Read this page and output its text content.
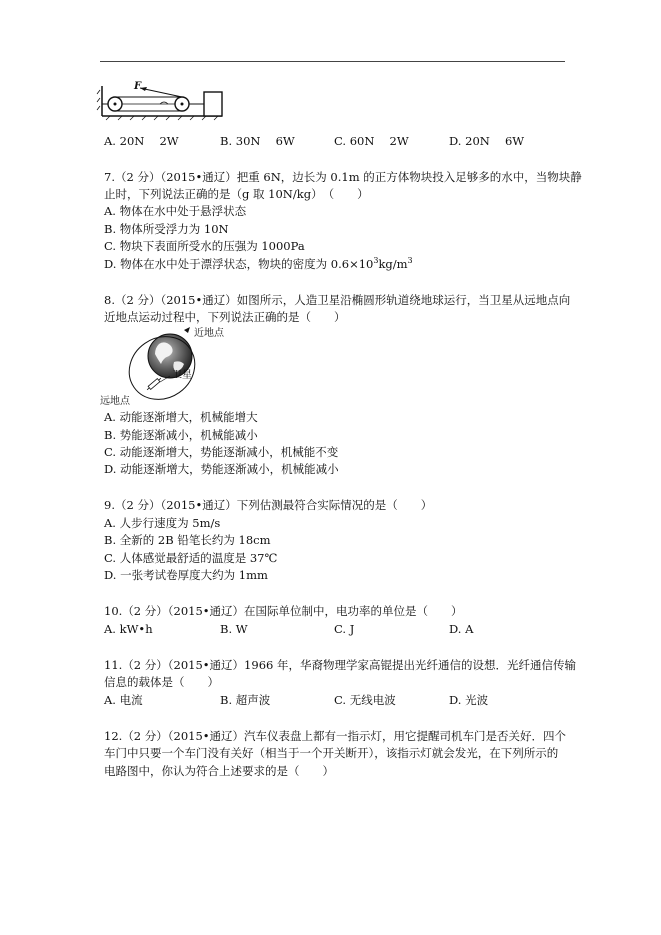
F
A. 20N　 2W	B. 30N　 6W	C. 60N　 2W	D. 20N　 6W
7.（2 分）（2015•通辽）把重 6N，边长为 0.1m 的正方体物块投入足够多的水中，当物块静
止时，下列说法正确的是（g 取 10N/kg）　（　　）
A. 物体在水中处于悬浮状态
B. 物体所受浮力为 10N
C. 物块下表面所受水的压强为 1000Pa
D. 物体在水中处于漂浮状态，物块的密度为 $0.6\times 10^3kg/m^3$
8.（2 分）（2015•通辽）如图所示，人造卫星沿椭圆形轨道绕地球运行，当卫星从远地点向
近地点运动过程中，下列说法正确的是（　　）
近地点
卫星
远地点
A. 动能逐渐增大，机械能增大
B. 势能逐渐减小，机械能减小
C. 动能逐渐增大，势能逐渐减小，机械能不变
D. 动能逐渐增大，势能逐渐减小，机械能减小
9.（2 分）（2015•通辽）下列估测最符合实际情况的是（　　）
A. 人步行速度为 5m/s
B. 全新的 2B 铅笔长约为 18cm
C. 人体感觉最舒适的温度是 37℃
D. 一张考试卷厚度大约为 1mm
10.（2 分）（2015•通辽）在国际单位制中，电功率的单位是（　　）
A. kW•h	B. W	C. J	D. A
11.（2 分）（2015•通辽）1966 年，华裔物理学家高锟提出光纤通信的设想．光纤通信传输
信息的载体是（　　）
A. 电流	B. 超声波	C. 无线电波	D. 光波
12.（2 分）（2015•通辽）汽车仪表盘上都有一指示灯，用它提醒司机车门是否关好．四个
车门中只要一个车门没有关好（相当于一个开关断开），该指示灯就会发光，在下列所示的
电路图中，你认为符合上述要求的是（　　）
